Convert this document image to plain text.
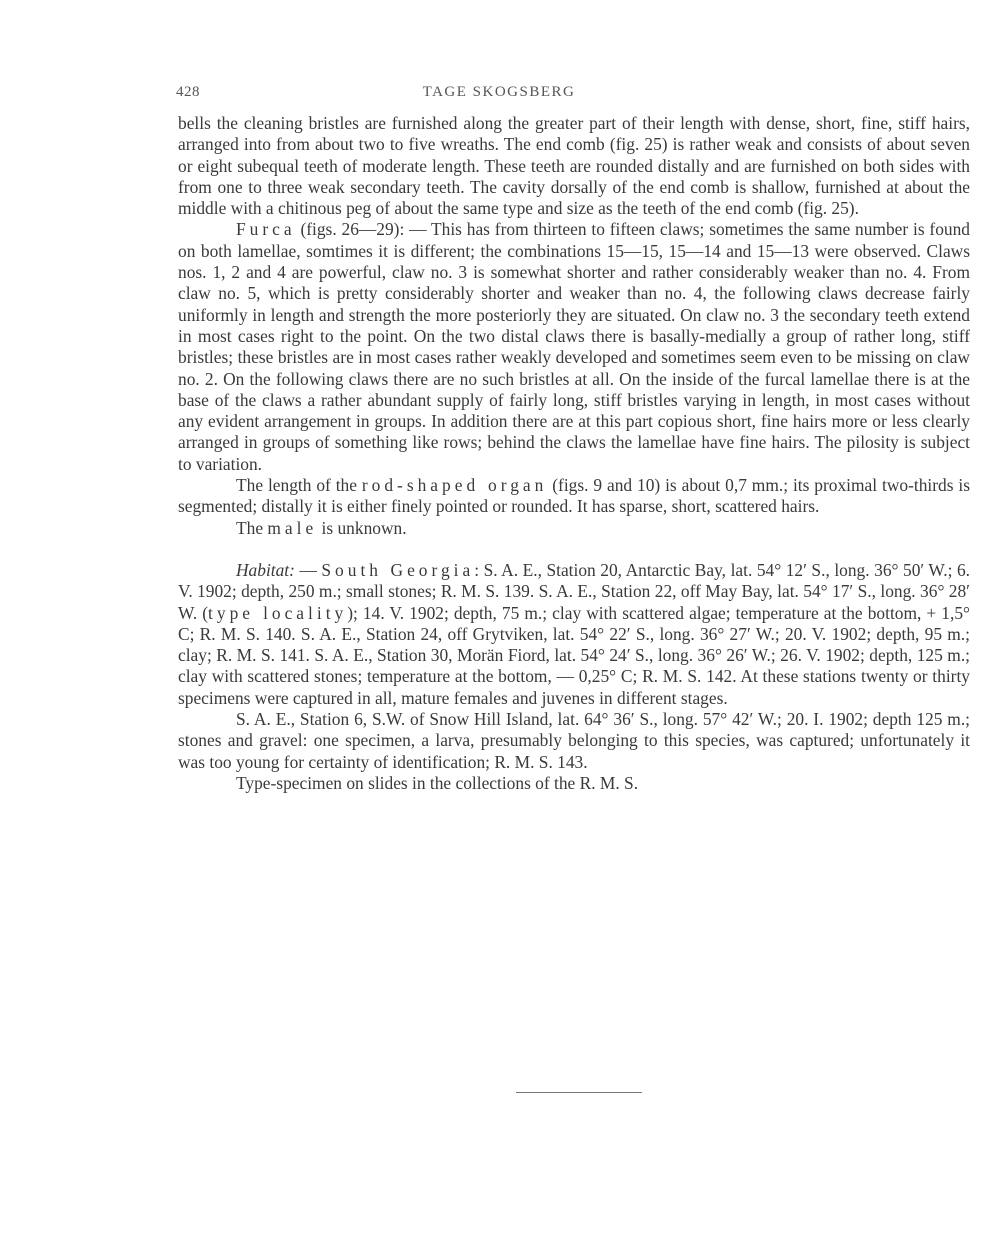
428	TAGE SKOGSBERG

bells the cleaning bristles are furnished along the greater part of their length with dense, short, fine, stiff hairs, arranged into from about two to five wreaths. The end comb (fig. 25) is rather weak and consists of about seven or eight subequal teeth of moderate length. These teeth are rounded distally and are furnished on both sides with from one to three weak secondary teeth. The cavity dorsally of the end comb is shallow, furnished at about the middle with a chitinous peg of about the same type and size as the teeth of the end comb (fig. 25).

Furca (figs. 26—29): — This has from thirteen to fifteen claws; sometimes the same number is found on both lamellae, somtimes it is different; the combinations 15—15, 15—14 and 15—13 were observed. Claws nos. 1, 2 and 4 are powerful, claw no. 3 is somewhat shorter and rather considerably weaker than no. 4. From claw no. 5, which is pretty considerably shorter and weaker than no. 4, the following claws decrease fairly uniformly in length and strength the more posteriorly they are situated. On claw no. 3 the secondary teeth extend in most cases right to the point. On the two distal claws there is basally-medially a group of rather long, stiff bristles; these bristles are in most cases rather weakly developed and sometimes seem even to be missing on claw no. 2. On the following claws there are no such bristles at all. On the inside of the furcal lamellae there is at the base of the claws a rather abundant supply of fairly long, stiff bristles varying in length, in most cases without any evident arrangement in groups. In addition there are at this part copious short, fine hairs more or less clearly arranged in groups of something like rows; behind the claws the lamellae have fine hairs. The pilosity is subject to variation.

The length of the rod-shaped organ (figs. 9 and 10) is about 0,7 mm.; its proximal two-thirds is segmented; distally it is either finely pointed or rounded. It has sparse, short, scattered hairs.

The male is unknown.

Habitat: — South Georgia: S. A. E., Station 20, Antarctic Bay, lat. 54° 12′ S., long. 36° 50′ W.; 6. V. 1902; depth, 250 m.; small stones; R. M. S. 139. S. A. E., Station 22, off May Bay, lat. 54° 17′ S., long. 36° 28′ W. (type locality); 14. V. 1902; depth, 75 m.; clay with scattered algae; temperature at the bottom, + 1,5° C; R. M. S. 140. S. A. E., Station 24, off Grytviken, lat. 54° 22′ S., long. 36° 27′ W.; 20. V. 1902; depth, 95 m.; clay; R. M. S. 141. S. A. E., Station 30, Morän Fiord, lat. 54° 24′ S., long. 36° 26′ W.; 26. V. 1902; depth, 125 m.; clay with scattered stones; temperature at the bottom, — 0,25° C; R. M. S. 142. At these stations twenty or thirty specimens were captured in all, mature females and juvenes in different stages.

S. A. E., Station 6, S.W. of Snow Hill Island, lat. 64° 36′ S., long. 57° 42′ W.; 20. I. 1902; depth 125 m.; stones and gravel: one specimen, a larva, presumably belonging to this species, was captured; unfortunately it was too young for certainty of identification; R. M. S. 143.

Type-specimen on slides in the collections of the R. M. S.
